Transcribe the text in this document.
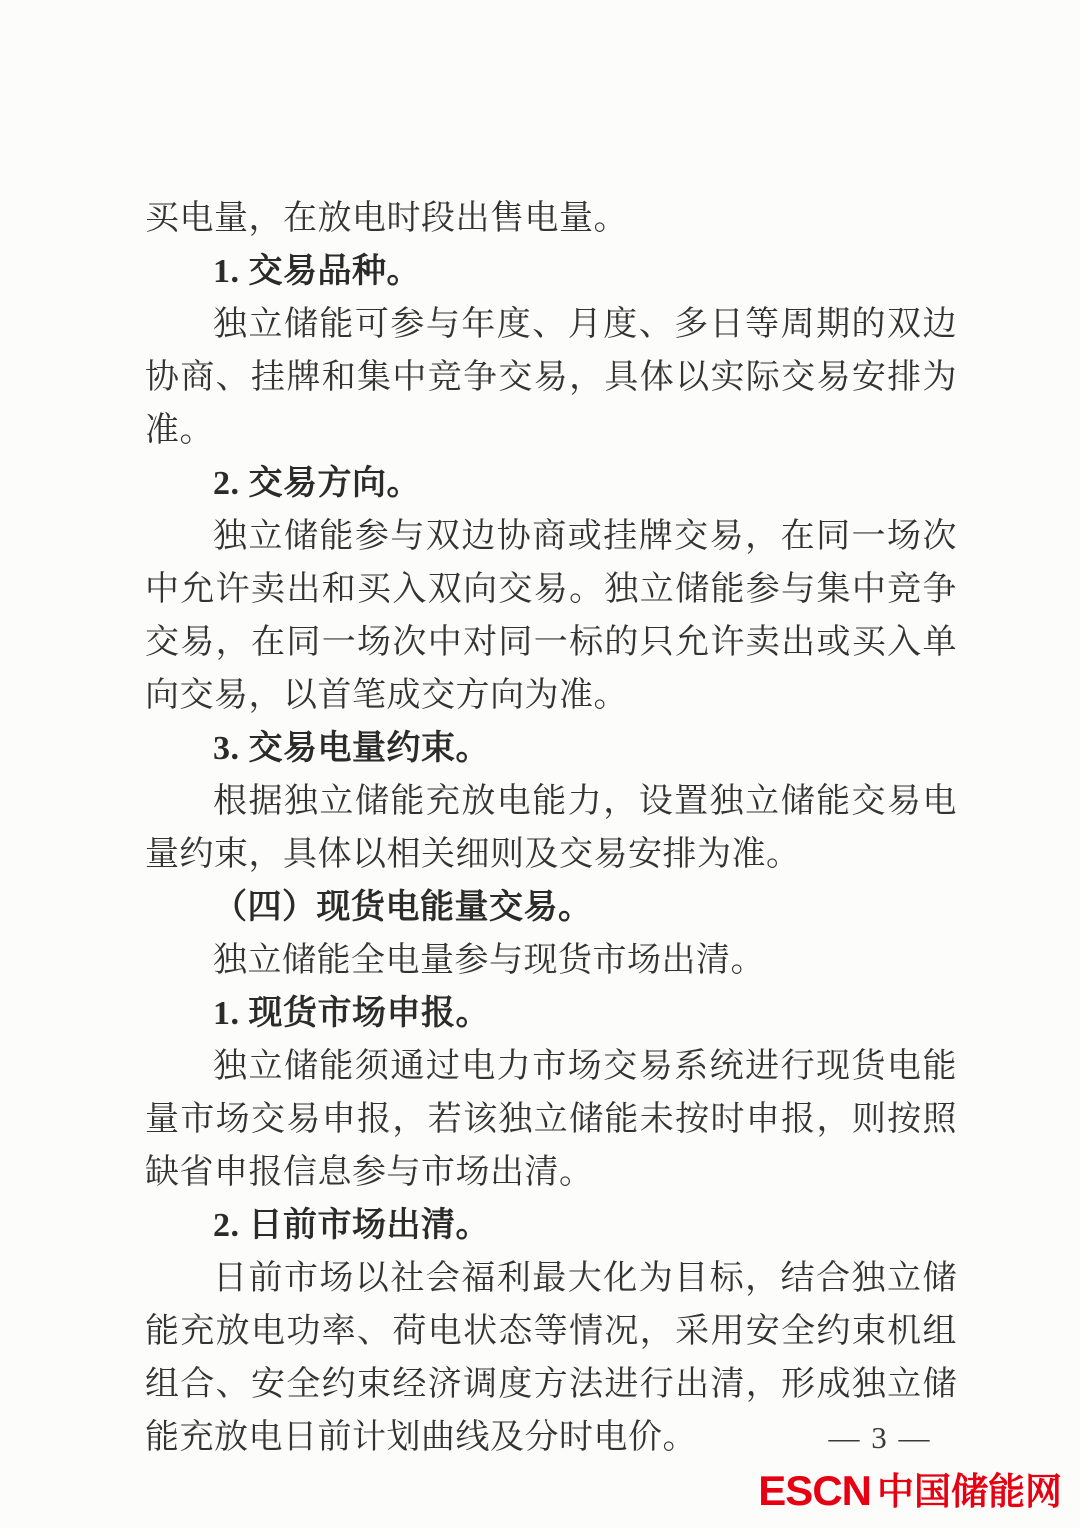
买电量，在放电时段出售电量。

1. 交易品种。

独立储能可参与年度、月度、多日等周期的双边协商、挂牌和集中竞争交易，具体以实际交易安排为准。

2. 交易方向。

独立储能参与双边协商或挂牌交易，在同一场次中允许卖出和买入双向交易。独立储能参与集中竞争交易，在同一场次中对同一标的只允许卖出或买入单向交易，以首笔成交方向为准。

3. 交易电量约束。

根据独立储能充放电能力，设置独立储能交易电量约束，具体以相关细则及交易安排为准。

（四）现货电能量交易。

独立储能全电量参与现货市场出清。

1. 现货市场申报。

独立储能须通过电力市场交易系统进行现货电能量市场交易申报，若该独立储能未按时申报，则按照缺省申报信息参与市场出清。

2. 日前市场出清。

日前市场以社会福利最大化为目标，结合独立储能充放电功率、荷电状态等情况，采用安全约束机组组合、安全约束经济调度方法进行出清，形成独立储能充放电日前计划曲线及分时电价。	— 3 —
ESCN 中国储能网
